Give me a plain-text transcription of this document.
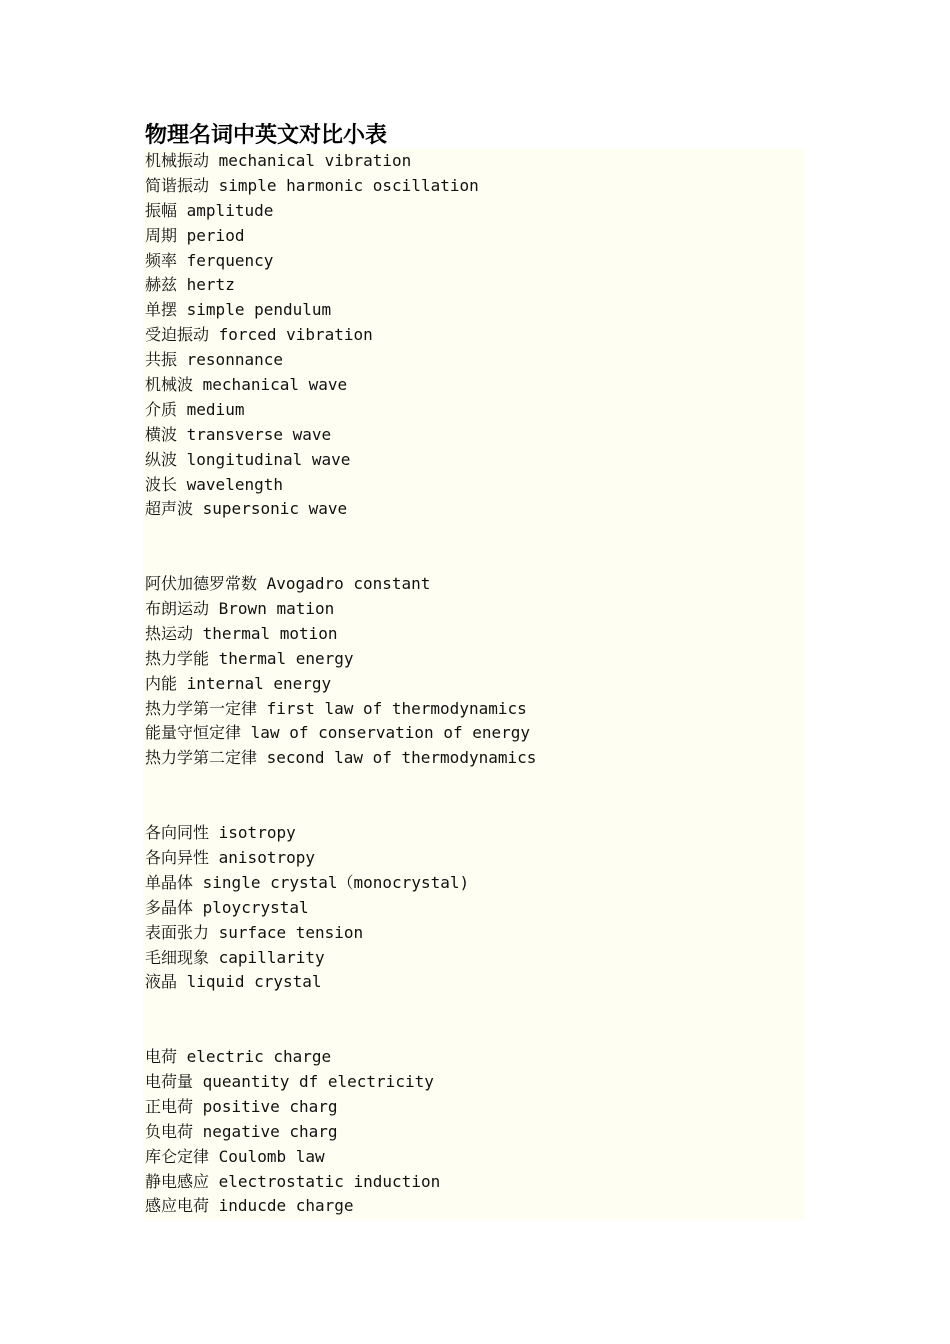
物理名词中英文对比小表
机械振动 mechanical vibration
简谐振动 simple harmonic oscillation
振幅 amplitude
周期 period
频率 ferquency
赫兹 hertz
单摆 simple pendulum
受迫振动 forced vibration
共振 resonnance
机械波 mechanical wave
介质 medium
横波 transverse wave
纵波 longitudinal wave
波长 wavelength
超声波 supersonic wave
阿伏加德罗常数 Avogadro constant
布朗运动 Brown mation
热运动 thermal motion
热力学能 thermal energy
内能 internal energy
热力学第一定律 first law of thermodynamics
能量守恒定律 law of conservation of energy
热力学第二定律 second law of thermodynamics
各向同性 isotropy
各向异性 anisotropy
单晶体 single crystal（monocrystal)
多晶体 ploycrystal
表面张力 surface tension
毛细现象 capillarity
液晶 liquid crystal
电荷 electric charge
电荷量 queantity df electricity
正电荷 positive charg
负电荷 negative charg
库仑定律 Coulomb law
静电感应 electrostatic induction
感应电荷 inducde charge
